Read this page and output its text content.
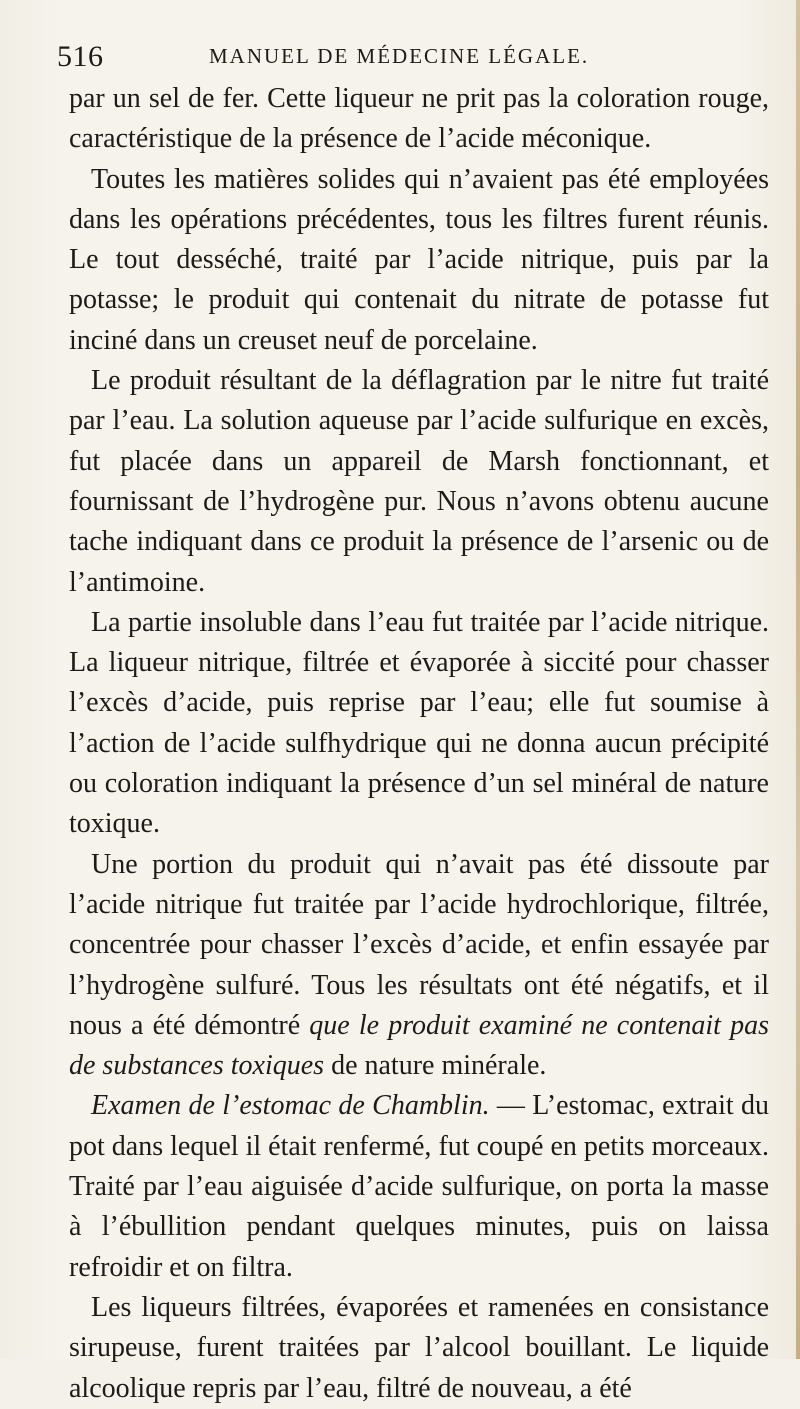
516	MANUEL DE MÉDECINE LÉGALE.

par un sel de fer. Cette liqueur ne prit pas la coloration rouge, caractéristique de la présence de l’acide méconique.

Toutes les matières solides qui n’avaient pas été employées dans les opérations précédentes, tous les filtres furent réunis. Le tout desséché, traité par l’acide nitrique, puis par la potasse; le produit qui contenait du nitrate de potasse fut inciné dans un creuset neuf de porcelaine.

Le produit résultant de la déflagration par le nitre fut traité par l’eau. La solution aqueuse par l’acide sulfurique en excès, fut placée dans un appareil de Marsh fonctionnant, et fournissant de l’hydrogène pur. Nous n’avons obtenu aucune tache indiquant dans ce produit la présence de l’arsenic ou de l’antimoine.

La partie insoluble dans l’eau fut traitée par l’acide nitrique. La liqueur nitrique, filtrée et évaporée à siccité pour chasser l’excès d’acide, puis reprise par l’eau; elle fut soumise à l’action de l’acide sulfhydrique qui ne donna aucun précipité ou coloration indiquant la présence d’un sel minéral de nature toxique.

Une portion du produit qui n’avait pas été dissoute par l’acide nitrique fut traitée par l’acide hydrochlorique, filtrée, concentrée pour chasser l’excès d’acide, et enfin essayée par l’hydrogène sulfuré. Tous les résultats ont été négatifs, et il nous a été démontré que le produit examiné ne contenait pas de substances toxiques de nature minérale.

Examen de l’estomac de Chamblin. — L’estomac, extrait du pot dans lequel il était renfermé, fut coupé en petits morceaux. Traité par l’eau aiguisée d’acide sulfurique, on porta la masse à l’ébullition pendant quelques minutes, puis on laissa refroidir et on filtra.

Les liqueurs filtrées, évaporées et ramenées en consistance sirupeuse, furent traitées par l’alcool bouillant. Le liquide alcoolique repris par l’eau, filtré de nouveau, a été
